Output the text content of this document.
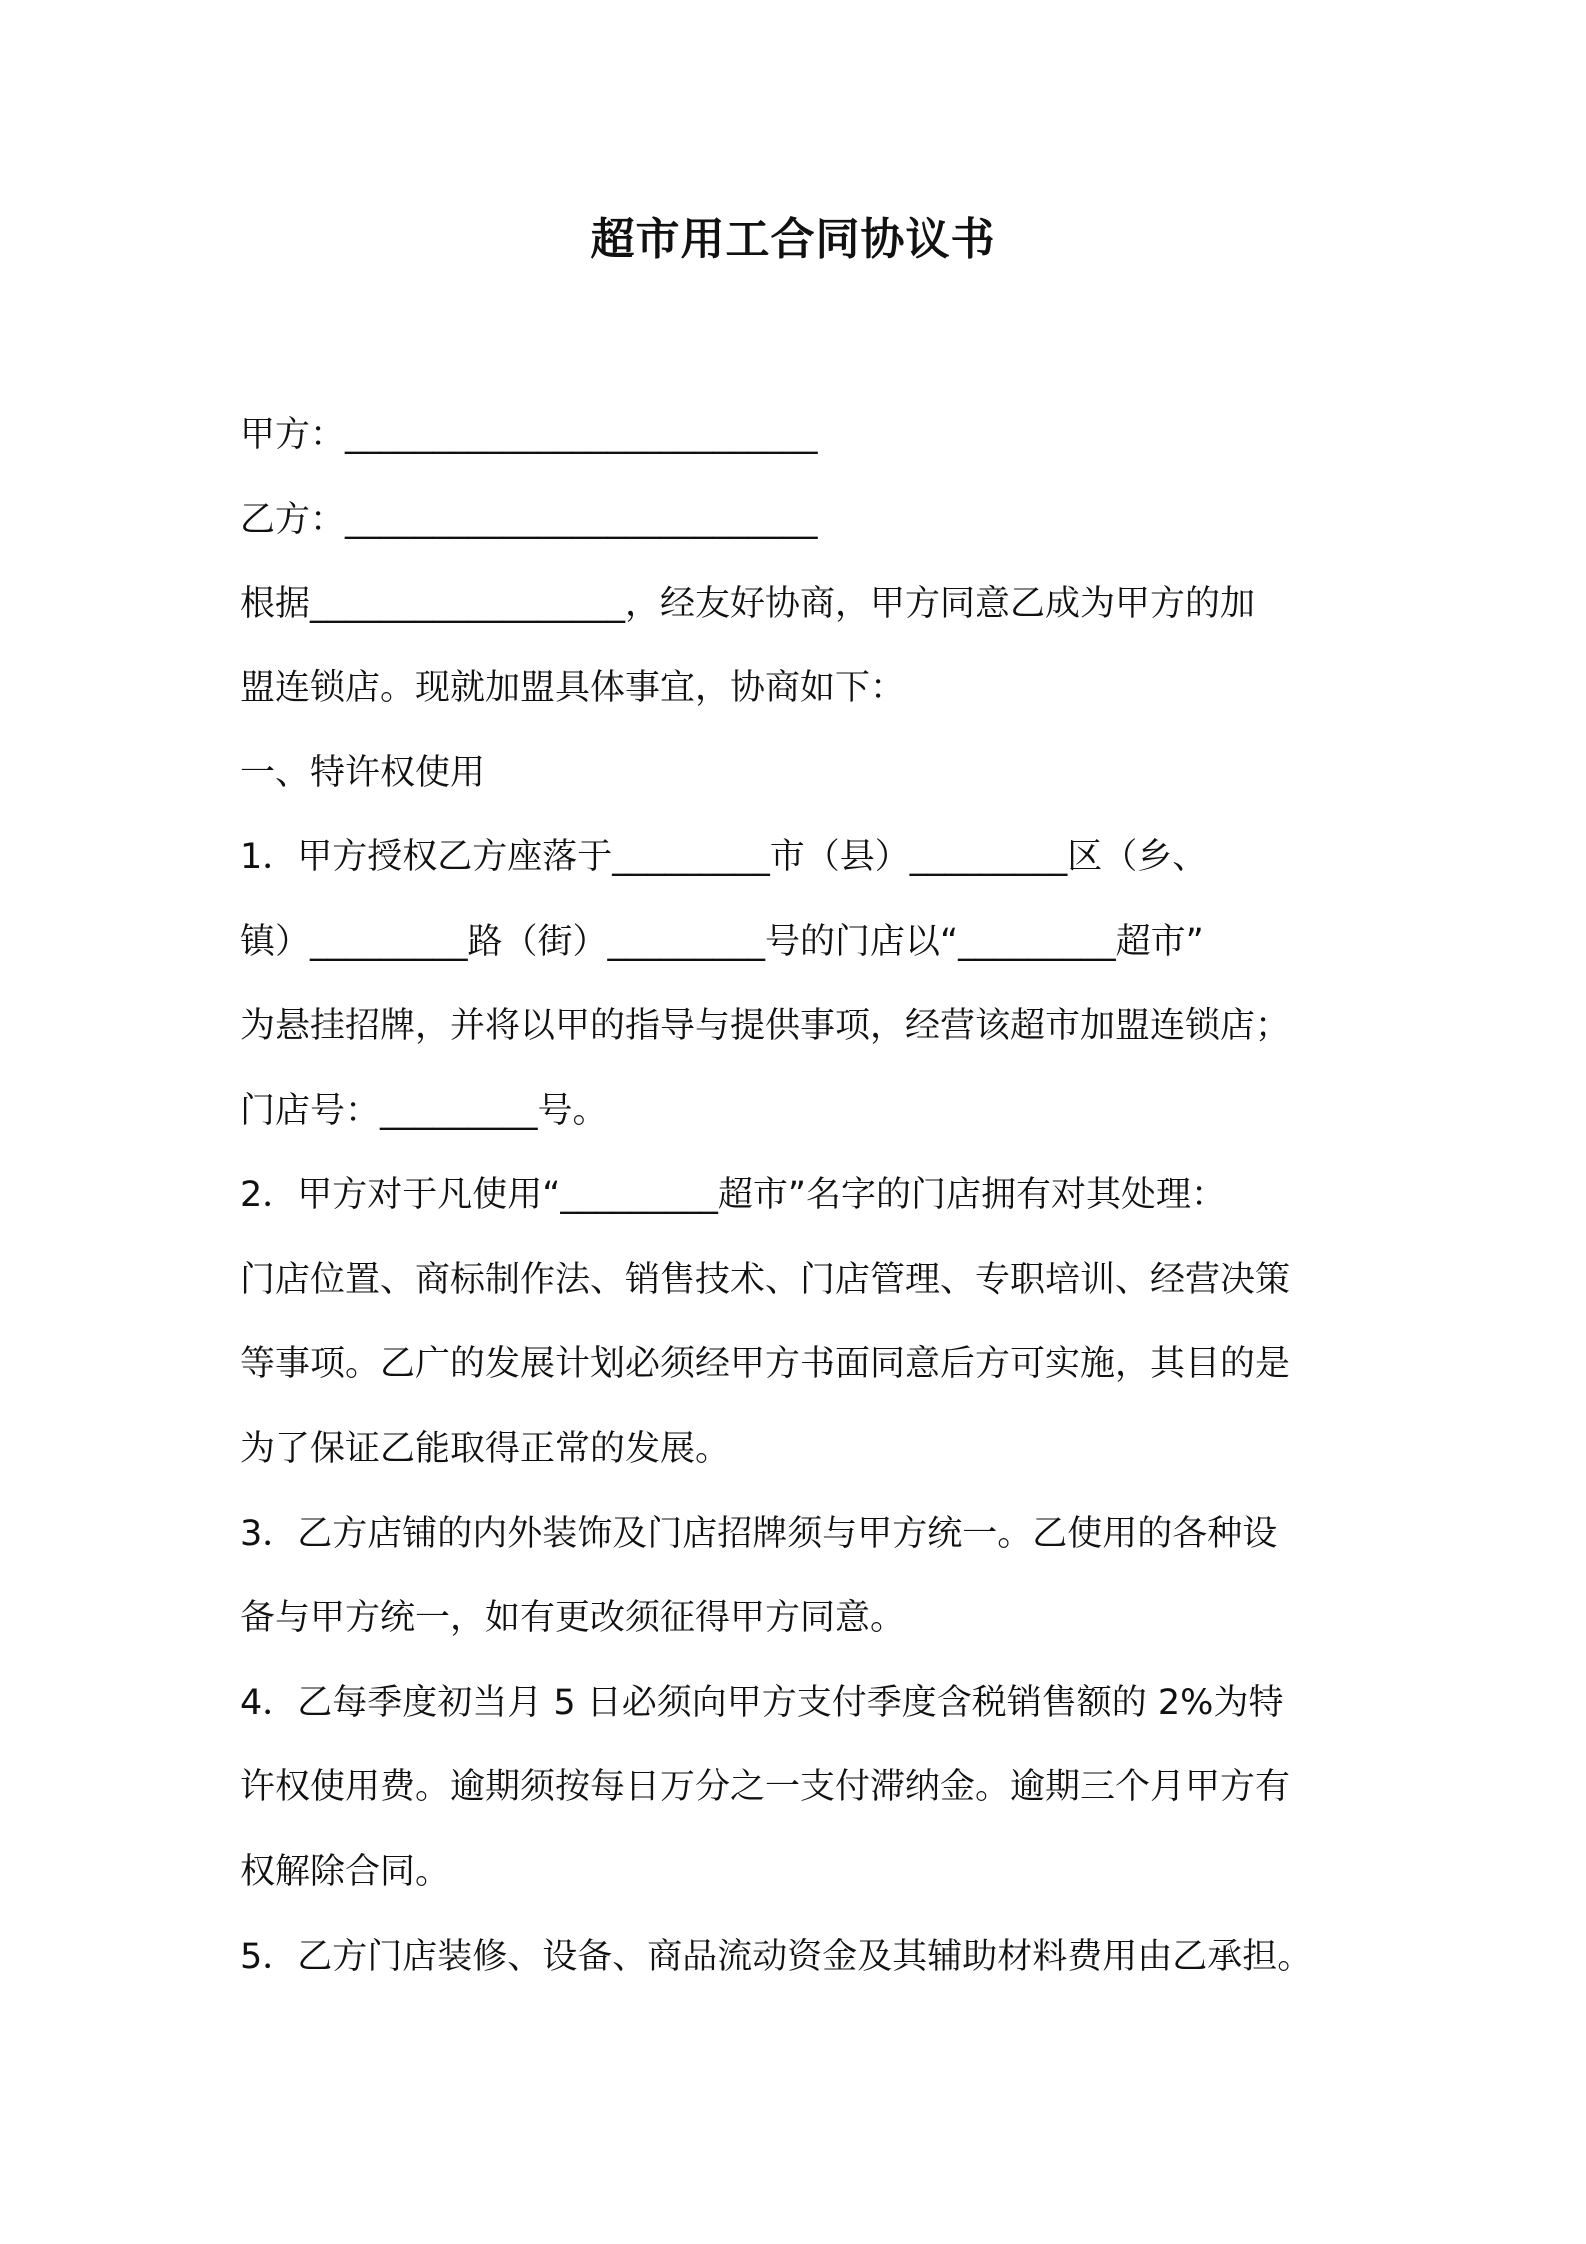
超市用工合同协议书
甲方：___________________________
乙方：___________________________
根据__________________，经友好协商，甲方同意乙成为甲方的加
盟连锁店。现就加盟具体事宜，协商如下：
一、特许权使用
1．甲方授权乙方座落于_________市（县）_________区（乡、
镇）_________路（街）_________号的门店以“_________超市”
为悬挂招牌，并将以甲的指导与提供事项，经营该超市加盟连锁店；
门店号：_________号。
2．甲方对于凡使用“_________超市”名字的门店拥有对其处理：
门店位置、商标制作法、销售技术、门店管理、专职培训、经营决策
等事项。乙广的发展计划必须经甲方书面同意后方可实施，其目的是
为了保证乙能取得正常的发展。
3．乙方店铺的内外装饰及门店招牌须与甲方统一。乙使用的各种设
备与甲方统一，如有更改须征得甲方同意。
4．乙每季度初当月 5 日必须向甲方支付季度含税销售额的 2%为特
许权使用费。逾期须按每日万分之一支付滞纳金。逾期三个月甲方有
权解除合同。
5．乙方门店装修、设备、商品流动资金及其辅助材料费用由乙承担。
